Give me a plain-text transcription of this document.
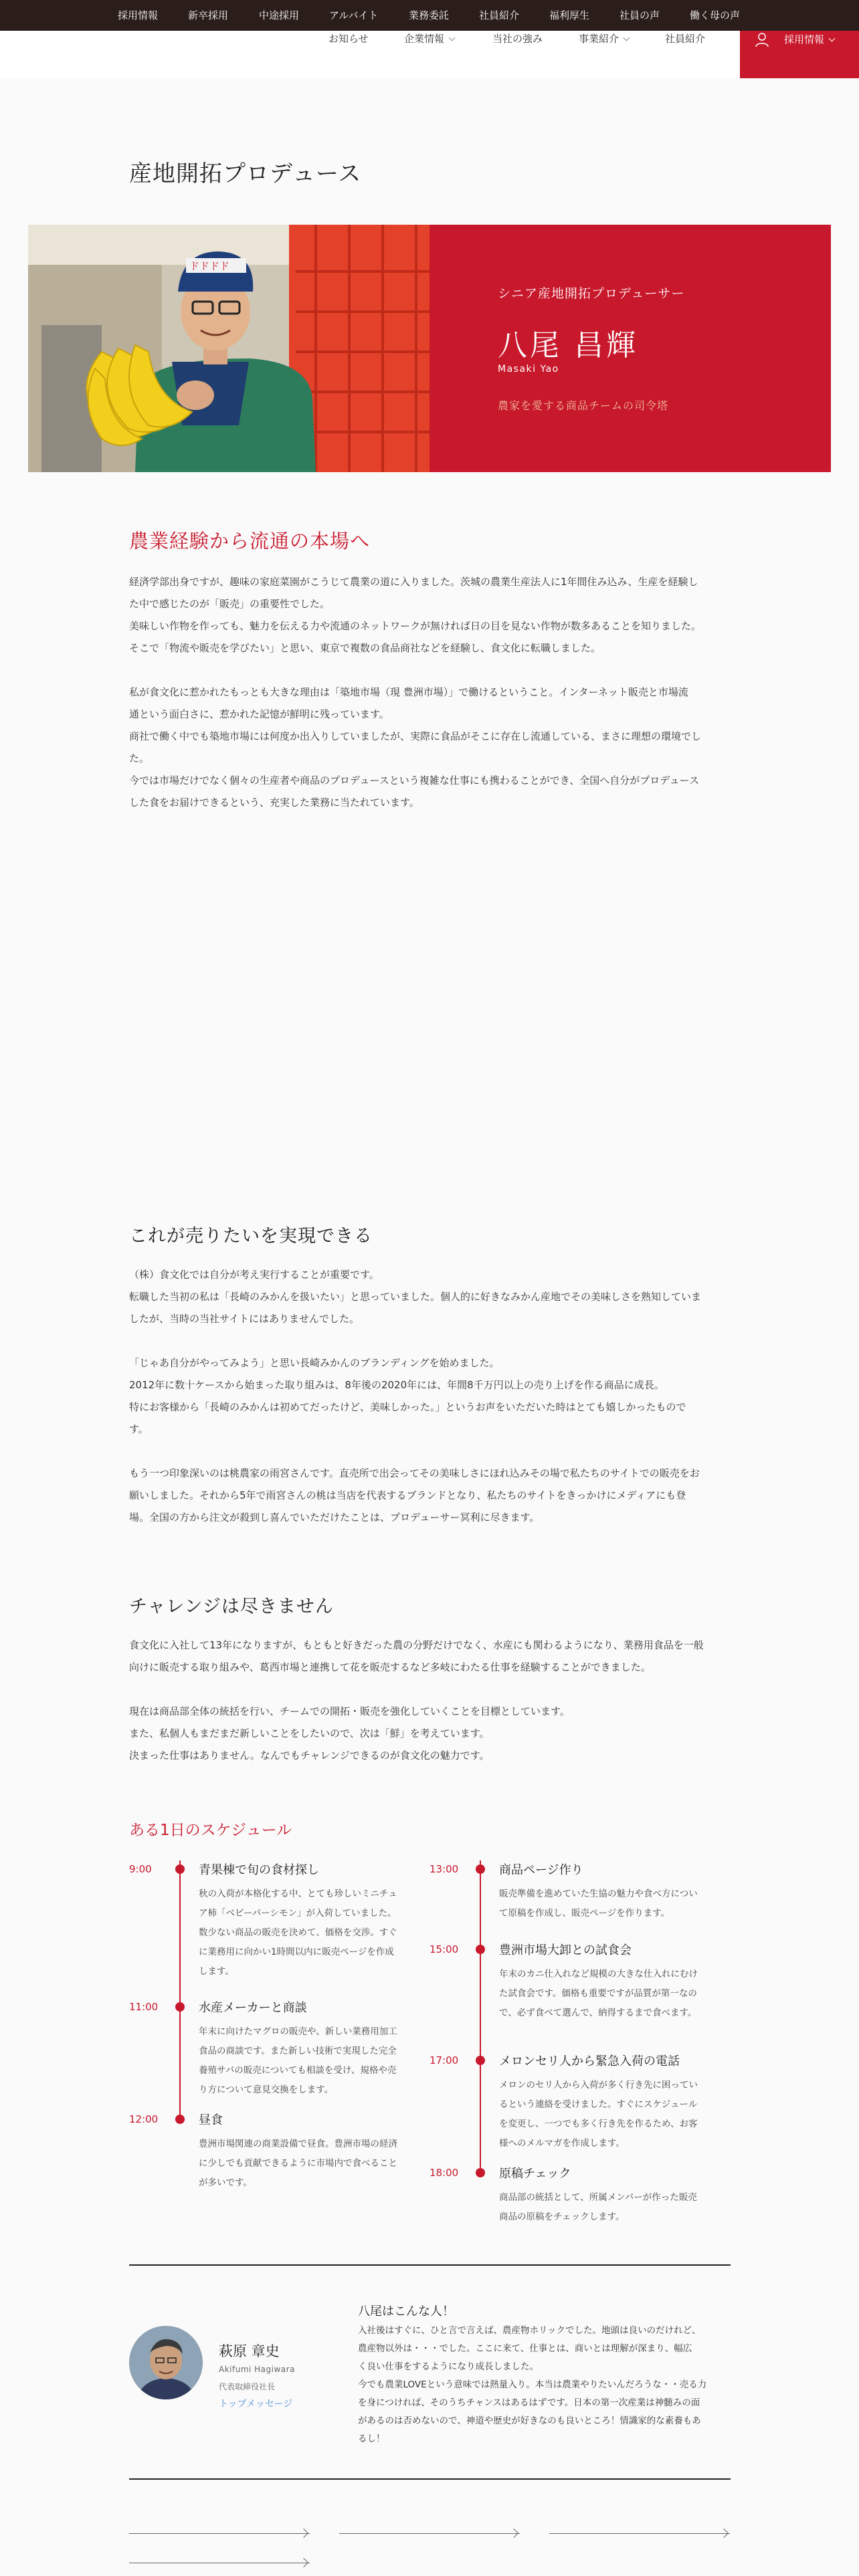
採用情報	新卒採用	中途採用	アルバイト	業務委託	社員紹介	福利厚生	社員の声	働く母の声
お知らせ	企業情報	当社の強み	事業紹介	社員紹介	採用情報
産地開拓プロデュース
ドドドド
シニア産地開拓プロデューサー
八尾 昌輝
Masaki Yao
農家を愛する商品チームの司令塔
農業経験から流通の本場へ

経済学部出身ですが、趣味の家庭菜園がこうじて農業の道に入りました。茨城の農業生産法人に1年間住み込み、生産を経験し

た中で感じたのが「販売」の重要性でした。

美味しい作物を作っても、魅力を伝える力や流通のネットワークが無ければ日の目を見ない作物が数多あることを知りました。

そこで「物流や販売を学びたい」と思い、東京で複数の食品商社などを経験し、食文化に転職しました。

私が食文化に惹かれたもっとも大きな理由は「築地市場（現 豊洲市場）」で働けるということ。インターネット販売と市場流

通という面白さに、惹かれた記憶が鮮明に残っています。

商社で働く中でも築地市場には何度か出入りしていましたが、実際に食品がそこに存在し流通している、まさに理想の環境でし

た。

今では市場だけでなく個々の生産者や商品のプロデュースという複雑な仕事にも携わることができ、全国へ自分がプロデュース

した食をお届けできるという、充実した業務に当たれています。

これが売りたいを実現できる

（株）食文化では自分が考え実行することが重要です。

転職した当初の私は「長崎のみかんを扱いたい」と思っていました。個人的に好きなみかん産地でその美味しさを熟知していま

したが、当時の当社サイトにはありませんでした。

「じゃあ自分がやってみよう」と思い長崎みかんのブランディングを始めました。

2012年に数十ケースから始まった取り組みは、8年後の2020年には、年間8千万円以上の売り上げを作る商品に成長。

特にお客様から「長崎のみかんは初めてだったけど、美味しかった。」というお声をいただいた時はとても嬉しかったもので

す。

もう一つ印象深いのは桃農家の雨宮さんです。直売所で出会ってその美味しさにほれ込みその場で私たちのサイトでの販売をお

願いしました。それから5年で雨宮さんの桃は当店を代表するブランドとなり、私たちのサイトをきっかけにメディアにも登

場。全国の方から注文が殺到し喜んでいただけたことは、プロデューサー冥利に尽きます。

チャレンジは尽きません

食文化に入社して13年になりますが、もともと好きだった農の分野だけでなく、水産にも関わるようになり、業務用食品を一般

向けに販売する取り組みや、葛西市場と連携して花を販売するなど多岐にわたる仕事を経験することができました。

現在は商品部全体の統括を行い、チームでの開拓・販売を強化していくことを目標としています。

また、私個人もまだまだ新しいことをしたいので、次は「鮮」を考えています。

決まった仕事はありません。なんでもチャレンジできるのが食文化の魅力です。

ある1日のスケジュール
9:00	青果棟で旬の食材探し
秋の入荷が本格化する中、とても珍しいミニチュア柿「ベビーパーシモン」が入荷していました。数少ない商品の販売を決めて、価格を交渉。すぐに業務用に向かい1時間以内に販売ページを作成します。
11:00	水産メーカーと商談
年末に向けたマグロの販売や、新しい業務用加工食品の商談です。また新しい技術で実現した完全養殖サバの販売についても相談を受け、規格や売り方について意見交換をします。
12:00	昼食
豊洲市場関連の商業設備で昼食。豊洲市場の経済に少しでも貢献できるように市場内で食べることが多いです。
13:00	商品ページ作り
販売準備を進めていた生協の魅力や食べ方について原稿を作成し、販売ページを作ります。
15:00	豊洲市場大卸との試食会
年末のカニ仕入れなど規模の大きな仕入れにむけた試食会です。価格も重要ですが品質が第一なので、必ず食べて選んで、納得するまで食べます。
17:00	メロンセリ人から緊急入荷の電話
メロンのセリ人から入荷が多く行き先に困っているという連絡を受けました。すぐにスケジュールを変更し、一つでも多く行き先を作るため、お客様へのメルマガを作成します。
18:00	原稿チェック
商品部の統括として、所属メンバーが作った販売商品の原稿をチェックします。
萩原 章史
Akifumi Hagiwara
代表取締役社長
トップメッセージ
八尾はこんな人！

入社後はすぐに、ひと言で言えば、農産物ホリックでした。地頭は良いのだけれど、

農産物以外は・・・でした。ここに来て、仕事とは、商いとは理解が深まり、幅広

く良い仕事をするようになり成長しました。

今でも農業LOVEという意味では熱量入り。本当は農業やりたいんだろうな・・売る力

を身につければ、そのうちチャンスはあるはずです。日本の第一次産業は神髄みの面

があるのは否めないので、神道や歴史が好きなのも良いところ！情識家的な素養もあ

るし！
